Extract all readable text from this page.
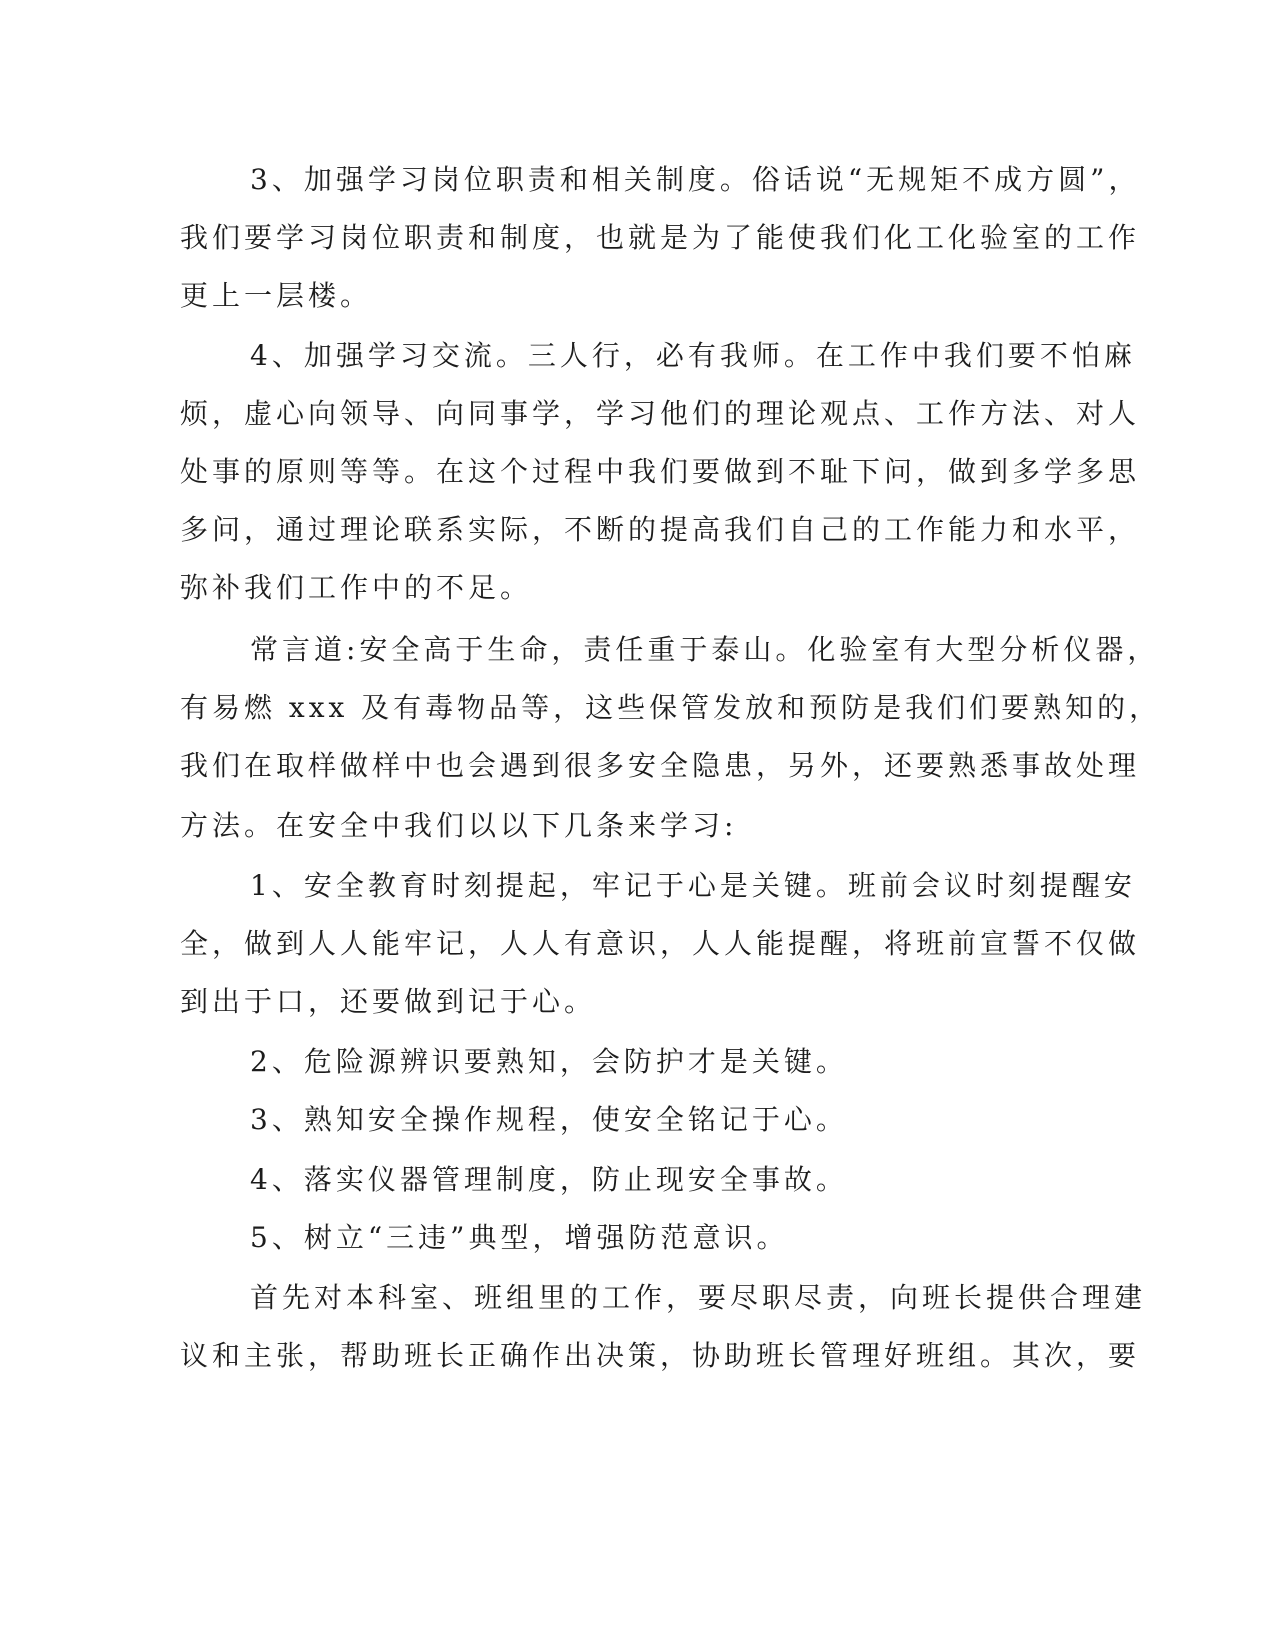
3、加强学习岗位职责和相关制度。俗话说“无规矩不成方圆”，

我们要学习岗位职责和制度，也就是为了能使我们化工化验室的工作

更上一层楼。

4、加强学习交流。三人行，必有我师。在工作中我们要不怕麻

烦，虚心向领导、向同事学，学习他们的理论观点、工作方法、对人

处事的原则等等。在这个过程中我们要做到不耻下问，做到多学多思

多问，通过理论联系实际，不断的提高我们自己的工作能力和水平，

弥补我们工作中的不足。

常言道:安全高于生命，责任重于泰山。化验室有大型分析仪器，

有易燃 xxx 及有毒物品等，这些保管发放和预防是我们们要熟知的，

我们在取样做样中也会遇到很多安全隐患，另外，还要熟悉事故处理

方法。在安全中我们以以下几条来学习:

1、安全教育时刻提起，牢记于心是关键。班前会议时刻提醒安

全，做到人人能牢记，人人有意识，人人能提醒，将班前宣誓不仅做

到出于口，还要做到记于心。

2、危险源辨识要熟知，会防护才是关键。

3、熟知安全操作规程，使安全铭记于心。

4、落实仪器管理制度，防止现安全事故。

5、树立“三违”典型，增强防范意识。

首先对本科室、班组里的工作，要尽职尽责，向班长提供合理建

议和主张，帮助班长正确作出决策，协助班长管理好班组。其次，要
